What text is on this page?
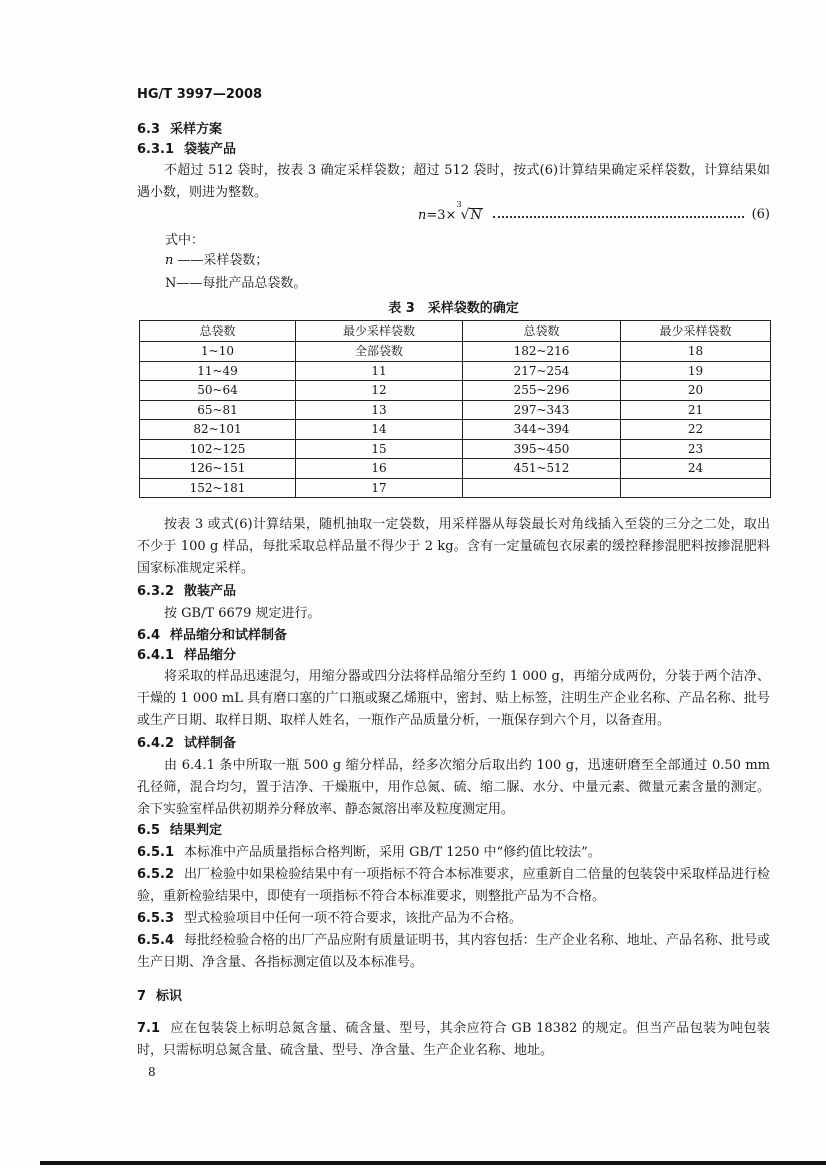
HG/T 3997—2008
6.3 采样方案
6.3.1 袋装产品

不超过 512 袋时，按表 3 确定采样袋数；超过 512 袋时，按式(6)计算结果确定采样袋数，计算结果如遇小数，则进为整数。

n=3×
3
√N	(6)
式中：
n ——采样袋数；
N——每批产品总袋数。
表 3　采样袋数的确定
总袋数	最少采样袋数	总袋数	最少采样袋数
1~10	全部袋数	182~216	18
11~49	11	217~254	19
50~64	12	255~296	20
65~81	13	297~343	21
82~101	14	344~394	22
102~125	15	395~450	23
126~151	16	451~512	24
152~181	17		

按表 3 或式(6)计算结果，随机抽取一定袋数，用采样器从每袋最长对角线插入至袋的三分之二处，取出不少于 100 g 样品，每批采取总样品量不得少于 2 kg。含有一定量硫包衣尿素的缓控释掺混肥料按掺混肥料国家标准规定采样。

6.3.2 散装产品

按 GB/T 6679 规定进行。

6.4 样品缩分和试样制备
6.4.1 样品缩分

将采取的样品迅速混匀，用缩分器或四分法将样品缩分至约 1 000 g，再缩分成两份，分装于两个洁净、干燥的 1 000 mL 具有磨口塞的广口瓶或聚乙烯瓶中，密封、贴上标签，注明生产企业名称、产品名称、批号或生产日期、取样日期、取样人姓名，一瓶作产品质量分析，一瓶保存到六个月，以备查用。

6.4.2 试样制备

由 6.4.1 条中所取一瓶 500 g 缩分样品，经多次缩分后取出约 100 g，迅速研磨至全部通过 0.50 mm 孔径筛，混合均匀，置于洁净、干燥瓶中，用作总氮、硫、缩二脲、水分、中量元素、微量元素含量的测定。余下实验室样品供初期养分释放率、静态氮溶出率及粒度测定用。

6.5 结果判定
6.5.1 本标准中产品质量指标合格判断，采用 GB/T 1250 中“修约值比较法”。
6.5.2 出厂检验中如果检验结果中有一项指标不符合本标准要求，应重新自二倍量的包装袋中采取样品进行检验，重新检验结果中，即使有一项指标不符合本标准要求，则整批产品为不合格。
6.5.3 型式检验项目中任何一项不符合要求，该批产品为不合格。
6.5.4 每批经检验合格的出厂产品应附有质量证明书，其内容包括：生产企业名称、地址、产品名称、批号或生产日期、净含量、各指标测定值以及本标准号。
7 标识
7.1 应在包装袋上标明总氮含量、硫含量、型号，其余应符合 GB 18382 的规定。但当产品包装为吨包装时，只需标明总氮含量、硫含量、型号、净含量、生产企业名称、地址。
8
